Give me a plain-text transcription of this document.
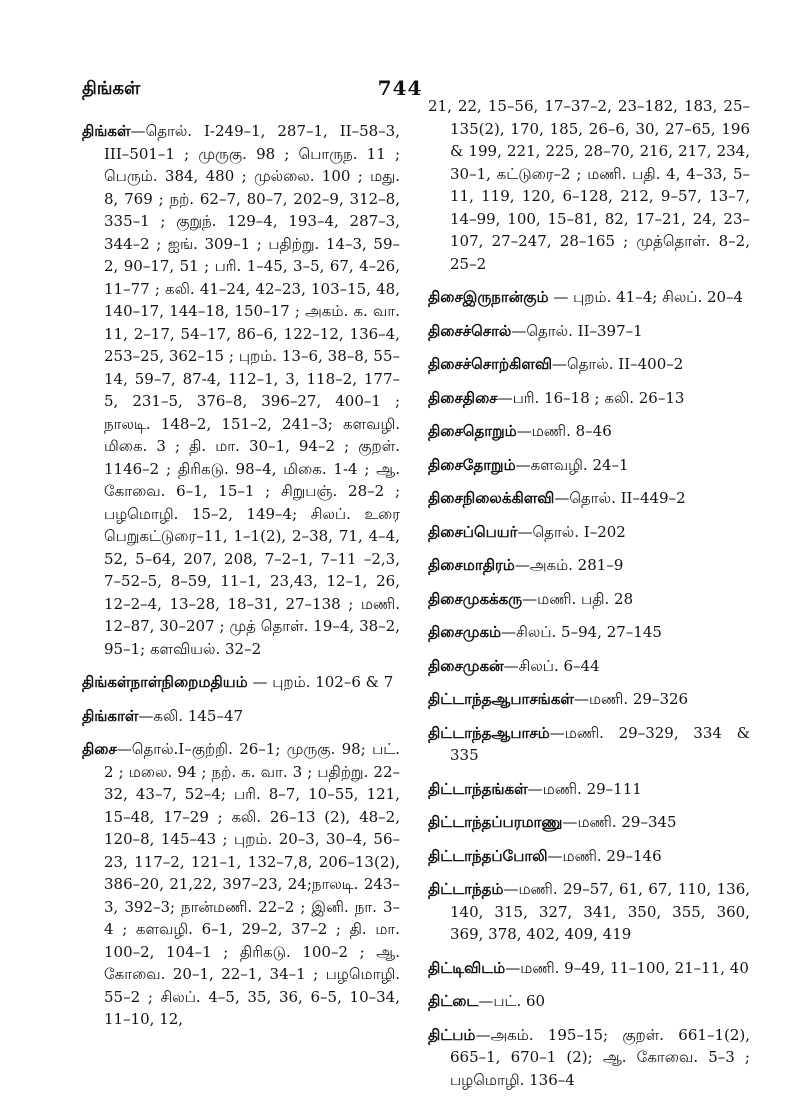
திங்கள்	744
திங்கள்—தொல். I-249–1, 287–1, II–58–3, III–501–1 ; முருகு. 98 ; பொருந. 11 ; பெரும். 384, 480 ; முல்லை. 100 ; மது. 8, 769 ; நற். 62–7, 80–7, 202–9, 312–8, 335–1 ; குறுந். 129–4, 193–4, 287–3, 344–2 ; ஐங். 309–1 ; பதிற்று. 14–3, 59–2, 90–17, 51 ; பரி. 1–45, 3–5, 67, 4–26, 11–77 ; கலி. 41–24, 42–23, 103–15, 48, 140–17, 144–18, 150–17 ; அகம். க. வா. 11, 2–17, 54–17, 86–6, 122–12, 136–4, 253–25, 362–15 ; புறம். 13–6, 38–8, 55–14, 59–7, 87-4, 112–1, 3, 118–2, 177–5, 231–5, 376–8, 396–27, 400–1 ; நாலடி. 148–2, 151–2, 241–3; களவழி. மிகை. 3 ; தி. மா. 30–1, 94–2 ; குறள். 1146–2 ; திரிகடு. 98–4, மிகை. 1-4 ; ஆ. கோவை. 6–1, 15–1 ; சிறுபஞ். 28–2 ; பழமொழி. 15–2, 149–4; சிலப். உரை பெறுகட்டுரை–11, 1–1(2), 2–38, 71, 4–4, 52, 5–64, 207, 208, 7–2–1, 7–11 –2,3, 7–52–5, 8–59, 11–1, 23,43, 12–1, 26, 12–2–4, 13–28, 18–31, 27–138 ; மணி. 12–87, 30–207 ; முத் தொள். 19–4, 38–2, 95–1; களவியல். 32–2
திங்கள்நாள்நிறைமதியம் — புறம். 102–6 & 7
திங்காள்—கலி. 145–47
திசை—தொல்.I–குற்றி. 26–1; முருகு. 98; பட். 2 ; மலை. 94 ; நற். க. வா. 3 ; பதிற்று. 22–32, 43–7, 52–4; பரி. 8–7, 10–55, 121, 15–48, 17–29 ; கலி. 26–13 (2), 48–2, 120–8, 145–43 ; புறம். 20–3, 30–4, 56–23, 117–2, 121–1, 132–7,8, 206–13(2), 386–20, 21,22, 397–23, 24;நாலடி. 243–3, 392–3; நான்மணி. 22–2 ; இனி. நா. 3–4 ; களவழி. 6–1, 29–2, 37–2 ; தி. மா. 100–2, 104–1 ; திரிகடு. 100–2 ; ஆ. கோவை. 20–1, 22–1, 34–1 ; பழமொழி. 55–2 ; சிலப். 4–5, 35, 36, 6–5, 10–34, 11–10, 12,
21, 22, 15–56, 17–37–2, 23–182, 183, 25–135(2), 170, 185, 26–6, 30, 27–65, 196 & 199, 221, 225, 28–70, 216, 217, 234, 30–1, கட்டுரை–2 ; மணி. பதி. 4, 4–33, 5–11, 119, 120, 6–128, 212, 9–57, 13–7, 14–99, 100, 15–81, 82, 17–21, 24, 23–107, 27–247, 28–165 ; முத்தொள். 8–2, 25–2
திசைஇருநான்கும் — புறம். 41–4; சிலப். 20–4
திசைச்சொல்—தொல். II–397–1
திசைச்சொற்கிளவி—தொல். II–400–2
திசைதிசை—பரி. 16–18 ; கலி. 26–13
திசைதொறும்—மணி. 8–46
திசைதோறும்—களவழி. 24–1
திசைநிலைக்கிளவி—தொல். II–449–2
திசைப்பெயர்—தொல். I–202
திசைமாதிரம்—அகம். 281–9
திசைமுகக்கரு—மணி. பதி. 28
திசைமுகம்—சிலப். 5–94, 27–145
திசைமுகன்—சிலப். 6–44
திட்டாந்தஆபாசங்கள்—மணி. 29–326
திட்டாந்தஆபாசம்—மணி. 29–329, 334 & 335
திட்டாந்தங்கள்—மணி. 29–111
திட்டாந்தப்பரமாணு—மணி. 29–345
திட்டாந்தப்போலி—மணி. 29–146
திட்டாந்தம்—மணி. 29–57, 61, 67, 110, 136, 140, 315, 327, 341, 350, 355, 360, 369, 378, 402, 409, 419
திட்டிவிடம்—மணி. 9–49, 11–100, 21–11, 40
திட்டை—பட். 60
திட்பம்—அகம். 195–15; குறள். 661–1(2), 665–1, 670–1 (2); ஆ. கோவை. 5–3 ; பழமொழி. 136–4
